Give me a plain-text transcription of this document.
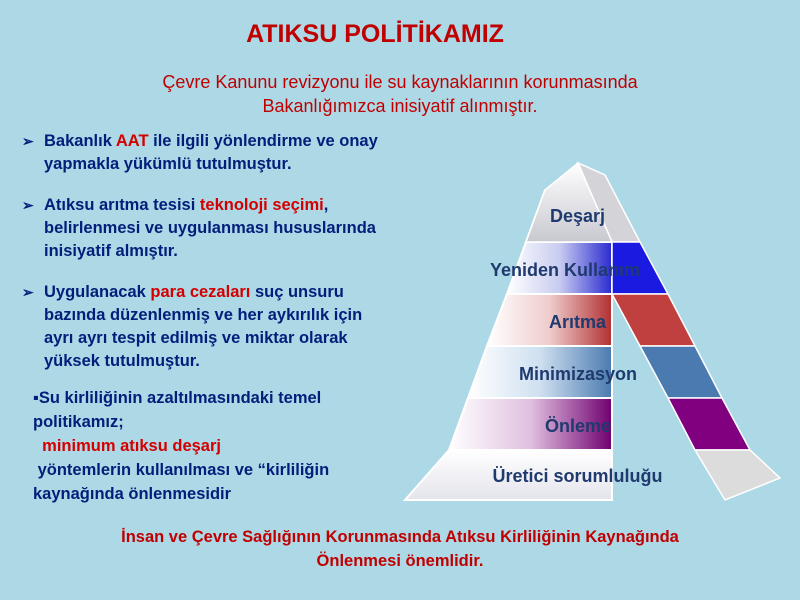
ATIKSU POLİTİKAMIZ
Çevre Kanunu revizyonu ile su kaynaklarının korunmasında
Bakanlığımızca inisiyatif alınmıştır.
➢ Bakanlık AAT ile ilgili yönlendirme ve onay
yapmakla yükümlü tutulmuştur.
➢ Atıksu arıtma tesisi teknoloji seçimi,
belirlenmesi ve uygulanması hususlarında
inisiyatif almıştır.
➢ Uygulanacak para cezaları suç unsuru
bazında düzenlenmiş ve her aykırılık için
ayrı ayrı tespit edilmiş ve miktar olarak
yüksek tutulmuştur.
▪Su kirliliğinin azaltılmasındaki temel
politikamız;
minimum atıksu deşarj
yöntemlerin kullanılması ve “kirliliğin
kaynağında önlenmesidir
Deşarj
Yeniden Kullanım
Arıtma
Minimizasyon
Önleme
Üretici sorumluluğu
İnsan ve Çevre Sağlığının Korunmasında Atıksu Kirliliğinin Kaynağında
Önlenmesi önemlidir.
